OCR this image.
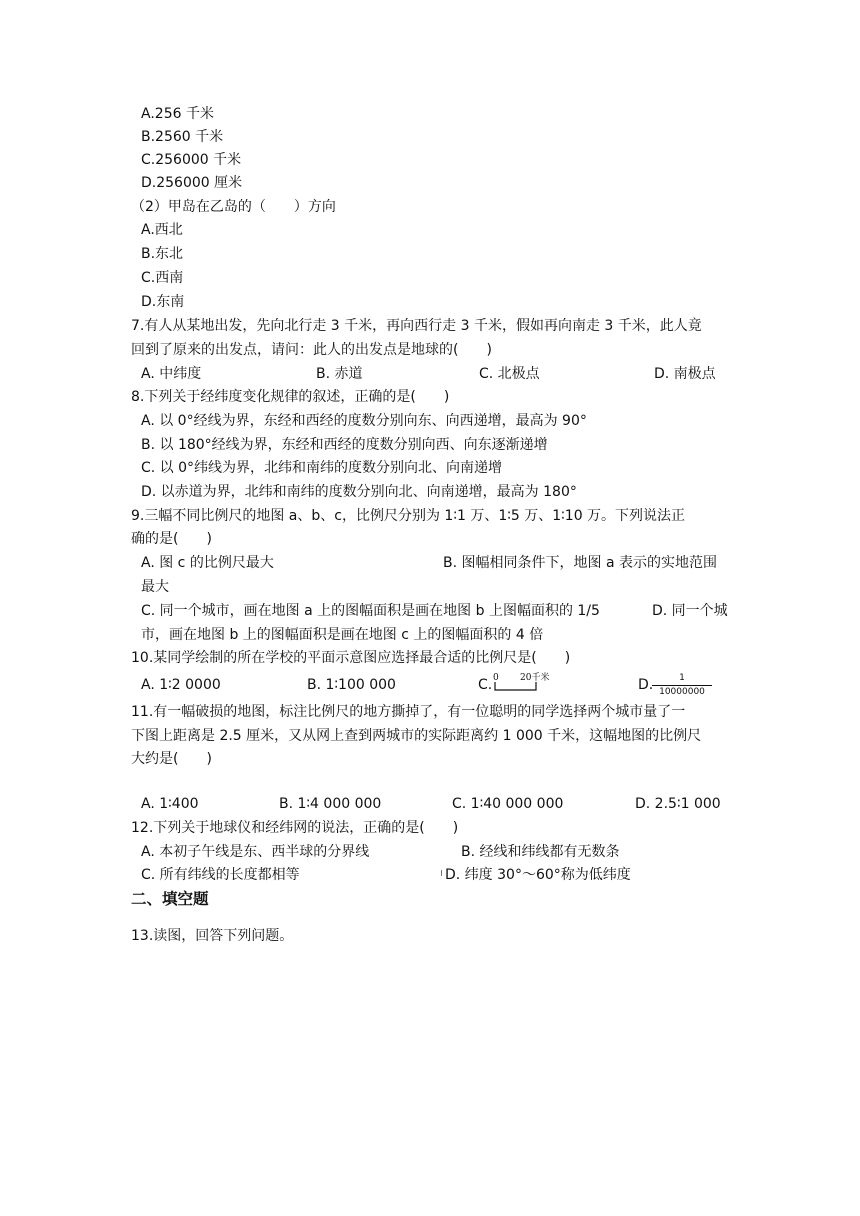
A.256 千米
B.2560 千米
C.256000 千米
D.256000 厘米
（2）甲岛在乙岛的（　　）方向
A.西北
B.东北
C.西南
D.东南
7.有人从某地出发，先向北行走 3 千米，再向西行走 3 千米，假如再向南走 3 千米，此人竟
回到了原来的出发点，请问：此人的出发点是地球的(　　)
A. 中纬度	B. 赤道	C. 北极点	D. 南极点
8.下列关于经纬度变化规律的叙述，正确的是(　　)
A. 以 0°经线为界，东经和西经的度数分别向东、向西递增，最高为 90°
B. 以 180°经线为界，东经和西经的度数分别向西、向东逐渐递增
C. 以 0°纬线为界，北纬和南纬的度数分别向北、向南递增
D. 以赤道为界，北纬和南纬的度数分别向北、向南递增，最高为 180°
9.三幅不同比例尺的地图 a、b、c，比例尺分别为 1∶1 万、1∶5 万、1∶10 万。下列说法正
确的是(　　)
A. 图 c 的比例尺最大	B. 图幅相同条件下，地图 a 表示的实地范围
最大
C. 同一个城市，画在地图 a 上的图幅面积是画在地图 b 上图幅面积的 1/5	D. 同一个城
市，画在地图 b 上的图幅面积是画在地图 c 上的图幅面积的 4 倍
10.某同学绘制的所在学校的平面示意图应选择最合适的比例尺是(　　)
A. 1∶2 0000	B. 1∶100 000	C. 0 20千米	D.
$\frac{1}{10000000}$
11.有一幅破损的地图，标注比例尺的地方撕掉了，有一位聪明的同学选择两个城市量了一
下图上距离是 2.5 厘米，又从网上查到两城市的实际距离约 1 000 千米，这幅地图的比例尺
大约是(　　)
A. 1∶400	B. 1∶4 000 000	C. 1∶40 000 000	D. 2.5∶1 000
12.下列关于地球仪和经纬网的说法，正确的是(　　)
A. 本初子午线是东、西半球的分界线	B. 经线和纬线都有无数条
C. 所有纬线的长度都相等	D. 纬度 30°～60°称为低纬度
二、填空题
13.读图，回答下列问题。
